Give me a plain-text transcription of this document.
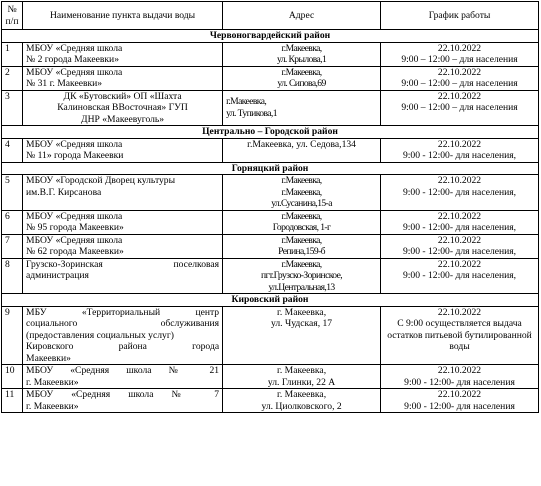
№ п/п	Наименование пункта выдачи воды	Адрес	График работы
Червоногвардейский район			
1	МБОУ «Средняя школа
№ 2 города Макеевки»	г.Макеевка,
ул. Крылова,1	22.10.2022
9:00 – 12:00 – для населения

2	МБОУ «Средняя школа
№ 31 г. Макеевки»	г.Макеевка,
ул. Сипова,69	22.10.2022
9:00 – 12:00 – для населения

3	ДК «Бутовский» ОП «Шахта
Калиновская ВВосточная» ГУП
ДНР «Макеевуголь»	г.Макеевка,
ул. Тупикова,1	22.10.2022
9:00 – 12:00 – для населения

Центрально – Городской район			
4	МБОУ «Средняя школа
№ 11» города Макеевки	г.Макеевка, ул. Седова,134	22.10.2022
9:00 - 12:00- для населения,

Горняцкий район			
5	МБОУ «Городской Дворец культуры
им.В.Г. Кирсанова	г.Макеевка,
г.Макеевка,
ул.Сусанина,15-а	22.10.2022
9:00 - 12:00- для населения,

6	МБОУ «Средняя школа
№ 95 города Макеевки»	г.Макеевка,
Городовская, 1-г	22.10.2022
9:00 - 12:00- для населения,

7	МБОУ «Средняя школа
№ 62 города Макеевки»	г.Макеевка,
Репина,159-б	22.10.2022
9:00 - 12:00- для населения,

8	Грузско-Зоринская поселковая
администрация	г.Макеевка,
пгт.Грузско-Зоринское,
ул.Центральная,13	22.10.2022
9:00 - 12:00- для населения,

Кировский район			
9	МБУ «Территориальный центр
социального обслуживания
(предоставления социальных услуг)
Кировского района города
Макеевки»	г. Макеевка,
ул. Чудская, 17	22.10.2022
С 9:00 осуществляется выдача остатков питьевой бутилированной воды
10	МБОУ «Средняя школа № 21
г. Макеевки»	г. Макеевка,
ул. Глинки, 22 А	22.10.2022
9:00 - 12:00- для населения

11	МБОУ «Средняя школа № 7
г. Макеевки»	г. Макеевка,
ул. Циолковского, 2	22.10.2022
9:00 - 12:00- для населения
